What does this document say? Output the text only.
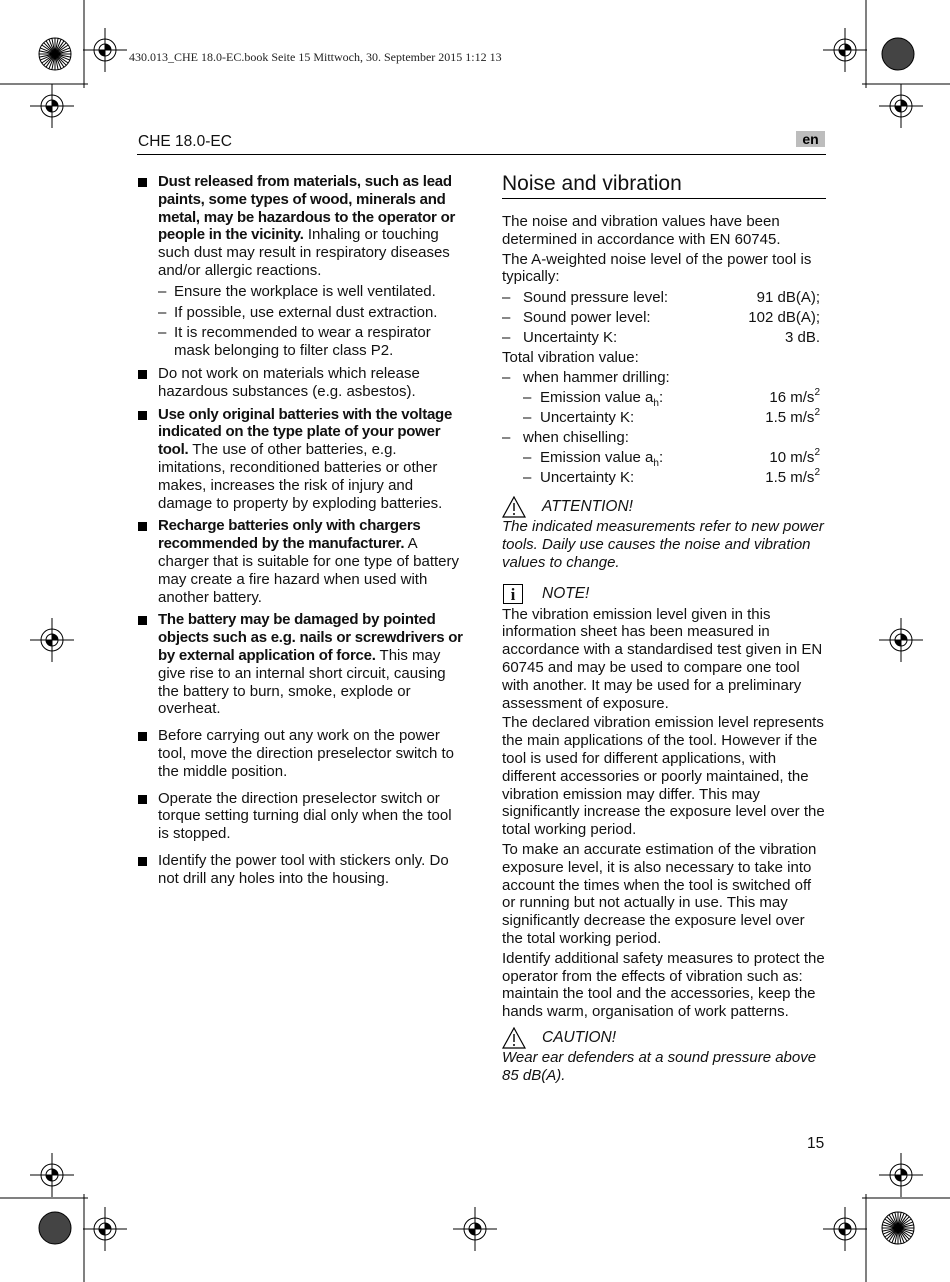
430.013_CHE 18.0-EC.book Seite 15 Mittwoch, 30. September 2015 1:12 13
CHE 18.0-EC	en
Dust released from materials, such as lead paints, some types of wood, minerals and metal, may be hazardous to the operator or people in the vicinity. Inhaling or touching such dust may result in respiratory diseases and/or allergic reactions.
– Ensure the workplace is well ventilated.
– If possible, use external dust extraction.
– It is recommended to wear a respirator mask belonging to filter class P2.
Do not work on materials which release hazardous substances (e.g. asbestos).
Use only original batteries with the voltage indicated on the type plate of your power tool. The use of other batteries, e.g. imitations, reconditioned batteries or other makes, increases the risk of injury and damage to property by exploding batteries.
Recharge batteries only with chargers recommended by the manufacturer. A charger that is suitable for one type of battery may create a fire hazard when used with another battery.
The battery may be damaged by pointed objects such as e.g. nails or screwdrivers or by external application of force. This may give rise to an internal short circuit, causing the battery to burn, smoke, explode or overheat.
Before carrying out any work on the power tool, move the direction preselector switch to the middle position.
Operate the direction preselector switch or torque setting turning dial only when the tool is stopped.
Identify the power tool with stickers only. Do not drill any holes into the housing.
Noise and vibration

The noise and vibration values have been determined in accordance with EN 60745.

The A-weighted noise level of the power tool is typically:

– Sound pressure level:	91 dB(A);
– Sound power level:	102 dB(A);
– Uncertainty K:	3 dB.
Total vibration value:
– when hammer drilling:
– Emission value $a_h$:	16 $m/s^2$
– Uncertainty K:	1.5 $m/s^2$
– when chiselling:
– Emission value $a_h$:	10 $m/s^2$
– Uncertainty K:	1.5 $m/s^2$
ATTENTION!

The indicated measurements refer to new power tools. Daily use causes the noise and vibration values to change.

i	NOTE!

The vibration emission level given in this information sheet has been measured in accordance with a standardised test given in EN 60745 and may be used to compare one tool with another. It may be used for a preliminary assessment of exposure.

The declared vibration emission level represents the main applications of the tool. However if the tool is used for different applications, with different accessories or poorly maintained, the vibration emission may differ. This may significantly increase the exposure level over the total working period.

To make an accurate estimation of the vibration exposure level, it is also necessary to take into account the times when the tool is switched off or running but not actually in use. This may significantly decrease the exposure level over the total working period.

Identify additional safety measures to protect the operator from the effects of vibration such as: maintain the tool and the accessories, keep the hands warm, organisation of work patterns.

CAUTION!

Wear ear defenders at a sound pressure above 85 dB(A).

15
